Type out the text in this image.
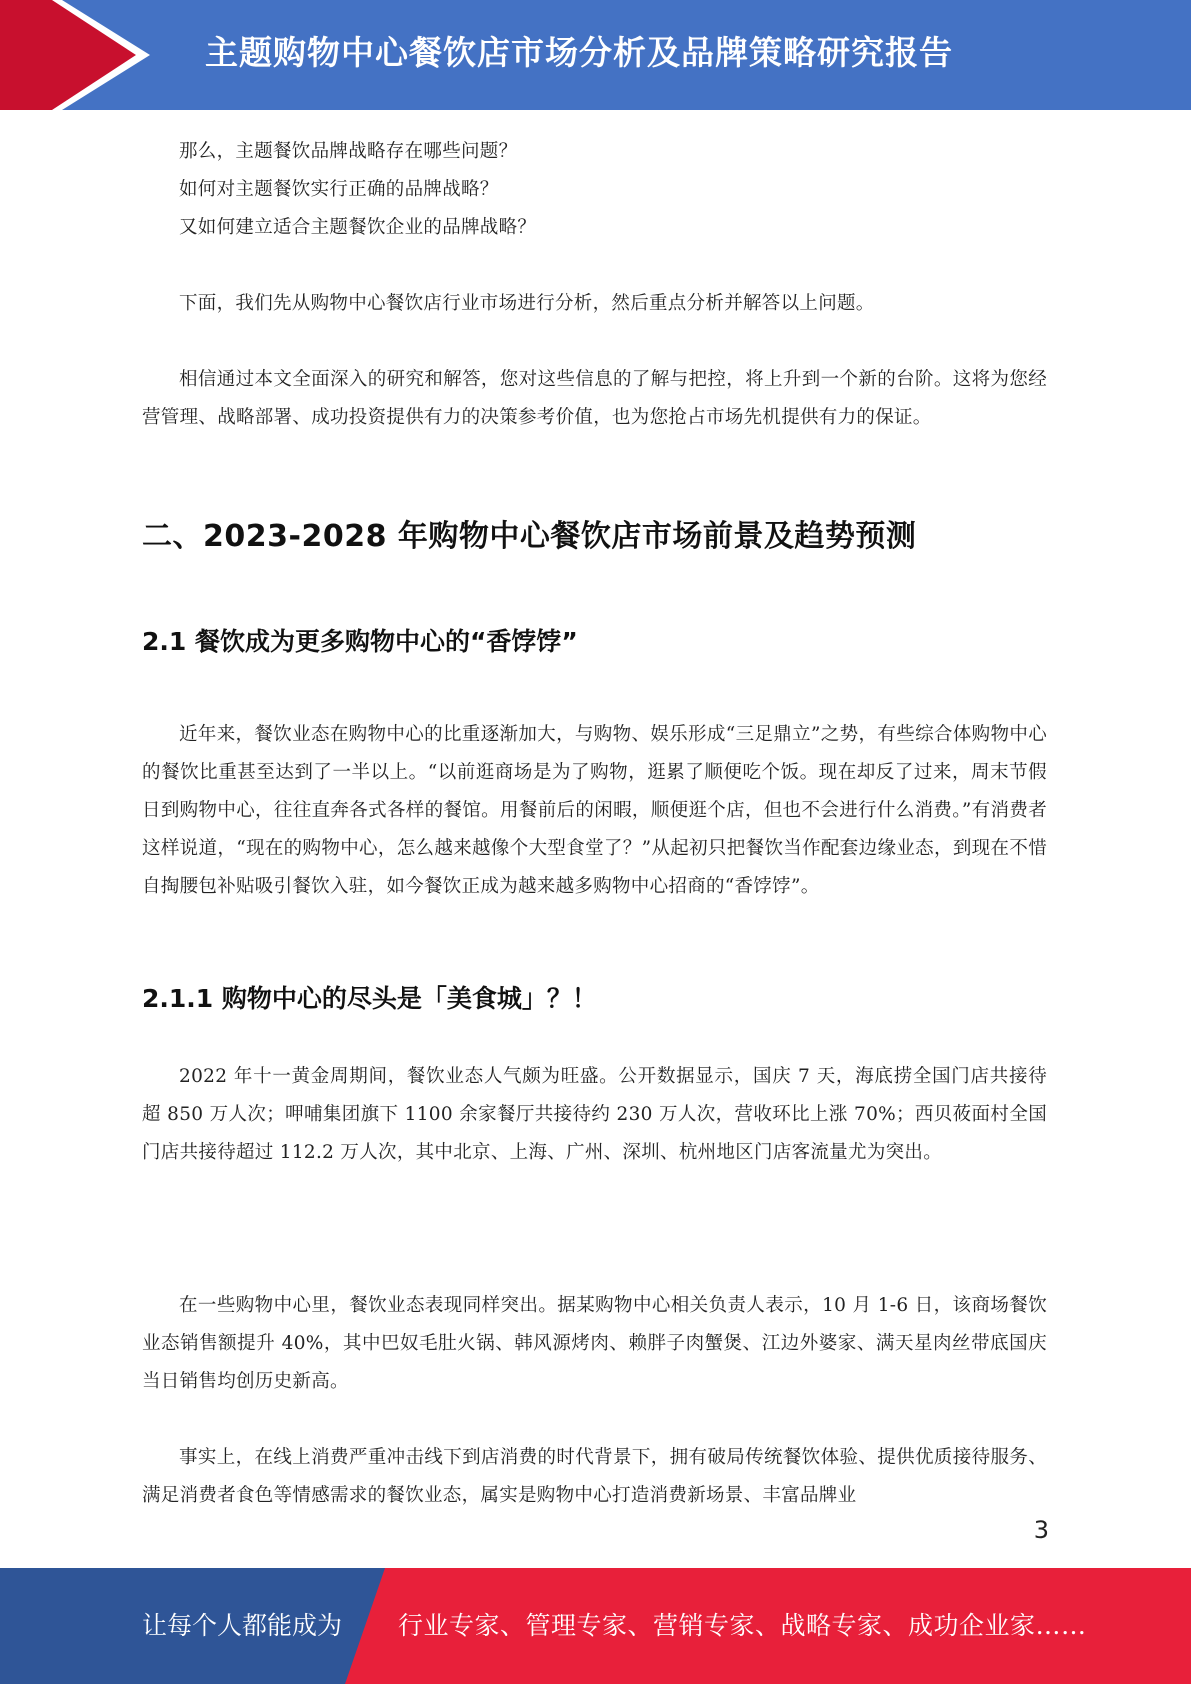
主题购物中心餐饮店市场分析及品牌策略研究报告

那么，主题餐饮品牌战略存在哪些问题？

如何对主题餐饮实行正确的品牌战略？

又如何建立适合主题餐饮企业的品牌战略？

下面，我们先从购物中心餐饮店行业市场进行分析，然后重点分析并解答以上问题。

相信通过本文全面深入的研究和解答，您对这些信息的了解与把控，将上升到一个新的台阶。这将为您经营管理、战略部署、成功投资提供有力的决策参考价值，也为您抢占市场先机提供有力的保证。

二、2023-2028 年购物中心餐饮店市场前景及趋势预测
2.1 餐饮成为更多购物中心的“香饽饽”

近年来，餐饮业态在购物中心的比重逐渐加大，与购物、娱乐形成“三足鼎立”之势，有些综合体购物中心的餐饮比重甚至达到了一半以上。“以前逛商场是为了购物，逛累了顺便吃个饭。现在却反了过来，周末节假日到购物中心，往往直奔各式各样的餐馆。用餐前后的闲暇，顺便逛个店，但也不会进行什么消费。”有消费者这样说道，“现在的购物中心，怎么越来越像个大型食堂了？”从起初只把餐饮当作配套边缘业态，到现在不惜自掏腰包补贴吸引餐饮入驻，如今餐饮正成为越来越多购物中心招商的“香饽饽”。

2.1.1 购物中心的尽头是「美食城」？！

2022 年十一黄金周期间，餐饮业态人气颇为旺盛。公开数据显示，国庆 7 天，海底捞全国门店共接待超 850 万人次；呷哺集团旗下 1100 余家餐厅共接待约 230 万人次，营收环比上涨 70%；西贝莜面村全国门店共接待超过 112.2 万人次，其中北京、上海、广州、深圳、杭州地区门店客流量尤为突出。

在一些购物中心里，餐饮业态表现同样突出。据某购物中心相关负责人表示，10 月 1-6 日，该商场餐饮业态销售额提升 40%，其中巴奴毛肚火锅、韩风源烤肉、赖胖子肉蟹煲、江边外婆家、满天星肉丝带底国庆当日销售均创历史新高。

事实上，在线上消费严重冲击线下到店消费的时代背景下，拥有破局传统餐饮体验、提供优质接待服务、满足消费者食色等情感需求的餐饮业态，属实是购物中心打造消费新场景、丰富品牌业

3
让每个人都能成为 行业专家、管理专家、营销专家、战略专家、成功企业家……
